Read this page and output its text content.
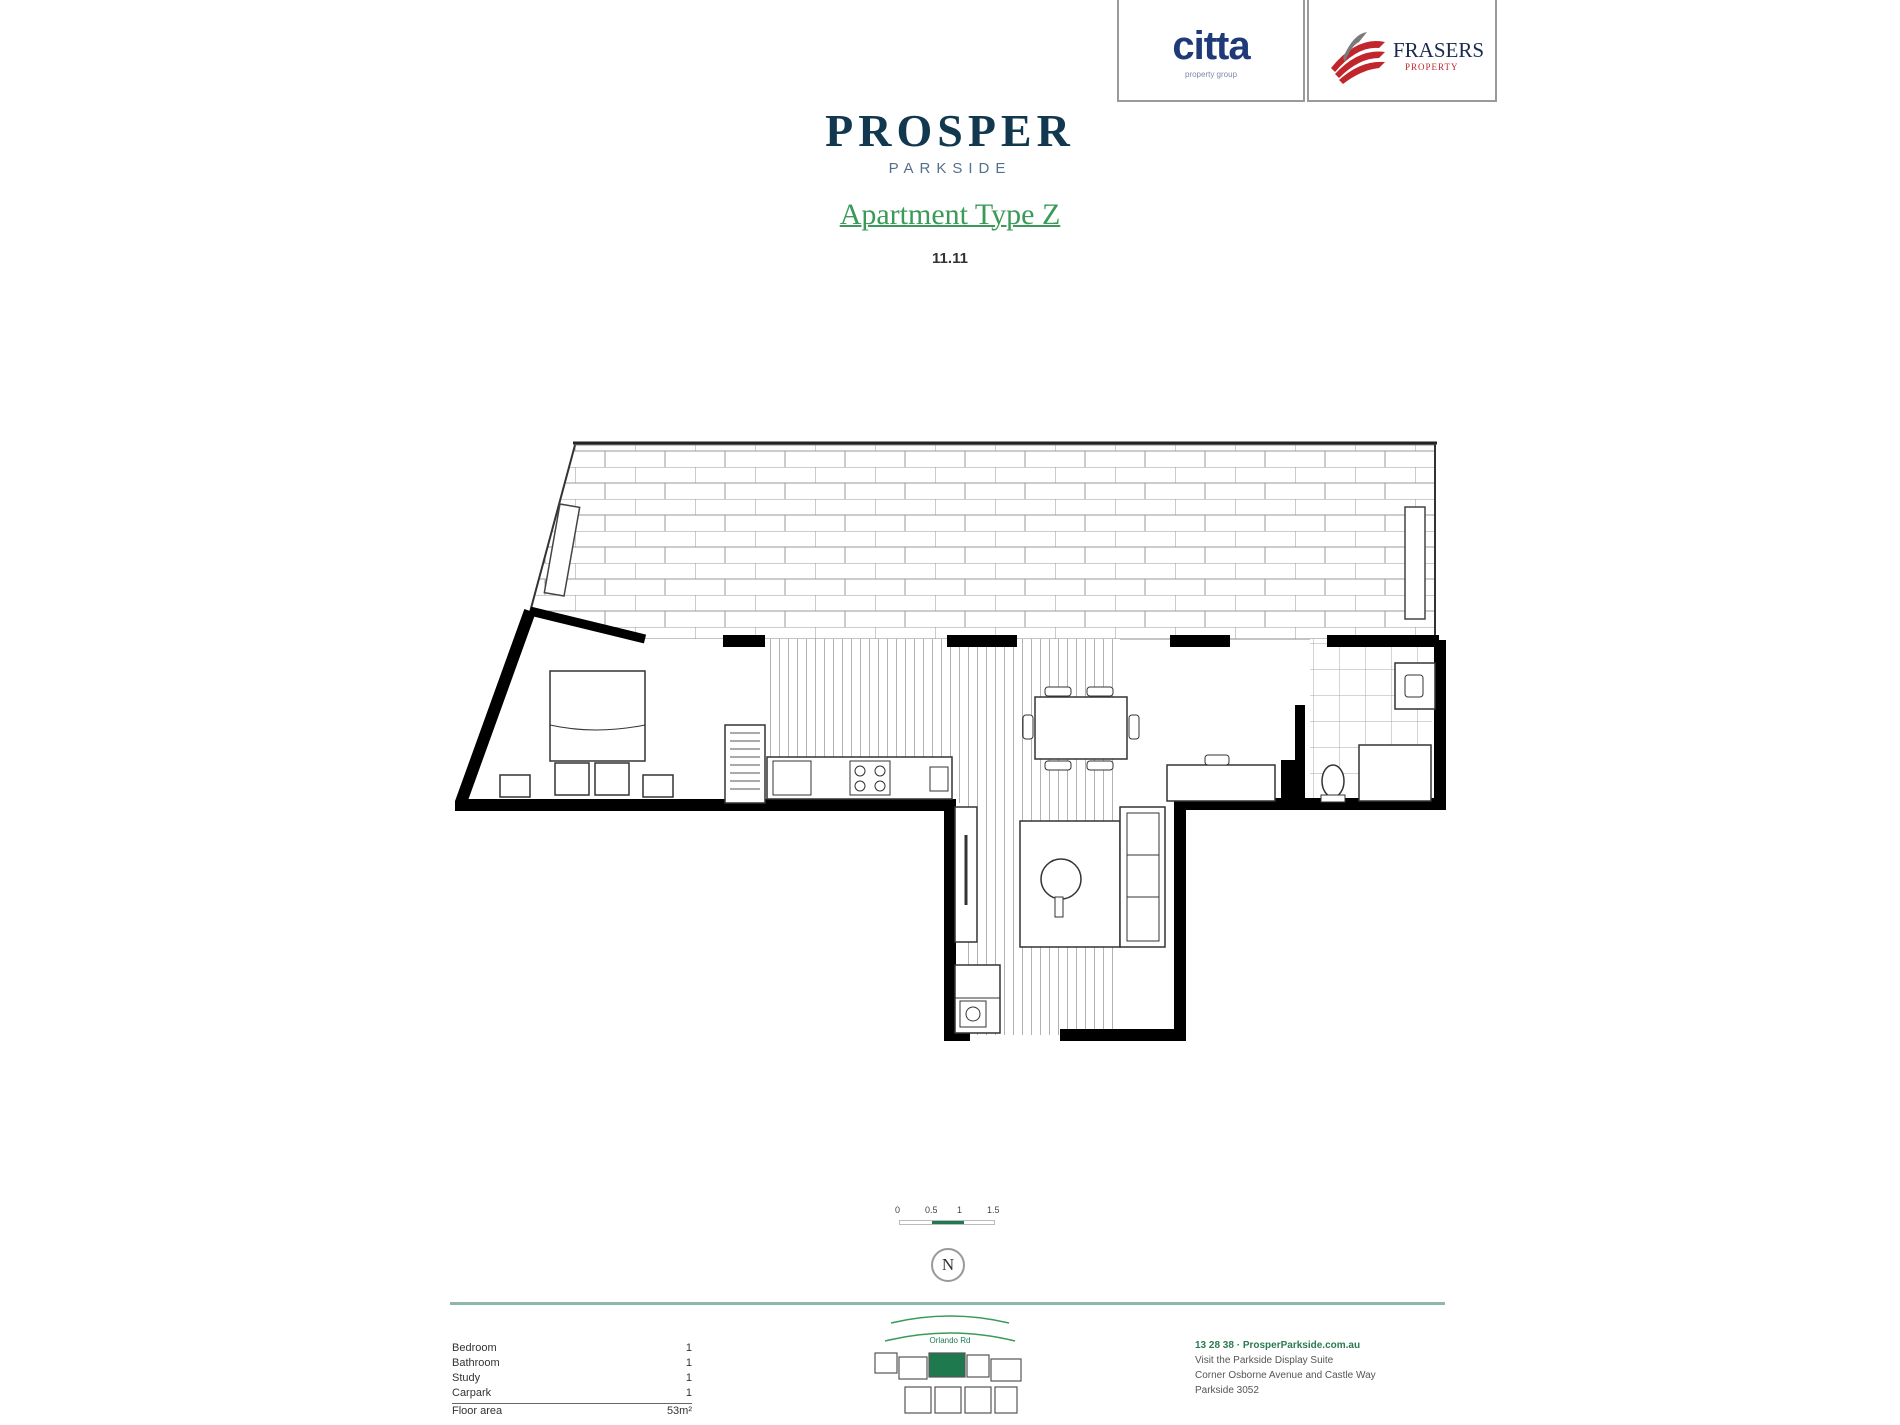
citta
property group
FRASERS
PROPERTY
PROSPER
PARKSIDE
Apartment Type Z
11.11
0	0.5 1	1.5
N
Bedroom	1
Bathroom	1
Study	1
Carpark	1
Floor area	53m²
Orlando Rd	13 28 38 · ProsperParkside.com.au
Visit the Parkside Display Suite
Corner Osborne Avenue and Castle Way
Parkside 3052
